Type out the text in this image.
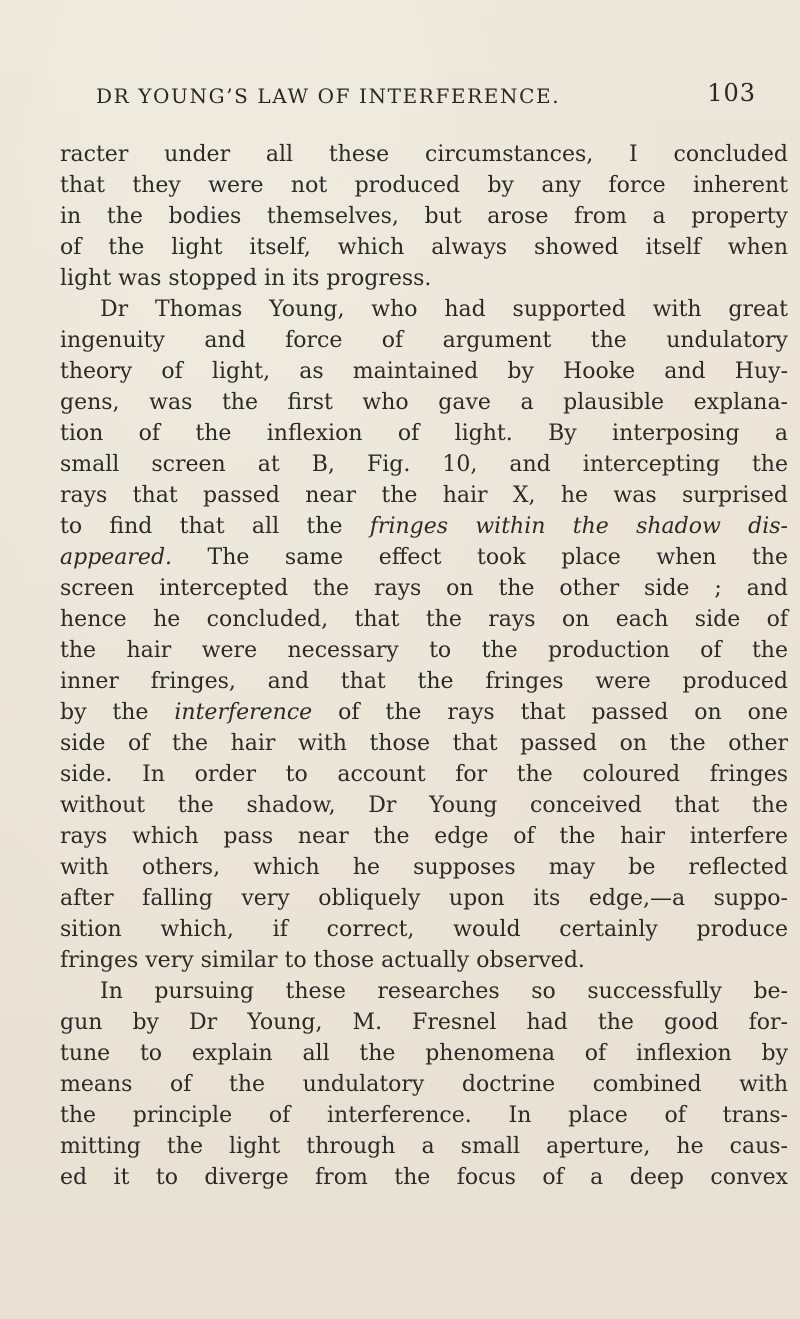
DR YOUNG’S LAW OF INTERFERENCE.	103
racter under all these circumstances, I concluded
that they were not produced by any force inherent
in the bodies themselves, but arose from a property
of the light itself, which always showed itself when
light was stopped in its progress.
Dr Thomas Young, who had supported with great
ingenuity and force of argument the undulatory
theory of light, as maintained by Hooke and Huy-
gens, was the first who gave a plausible explana-
tion of the inflexion of light. By interposing a
small screen at B, Fig. 10, and intercepting the
rays that passed near the hair X, he was surprised
to find that all the fringes within the shadow dis-
appeared. The same effect took place when the
screen intercepted the rays on the other side ; and
hence he concluded, that the rays on each side of
the hair were necessary to the production of the
inner fringes, and that the fringes were produced
by the interference of the rays that passed on one
side of the hair with those that passed on the other
side. In order to account for the coloured fringes
without the shadow, Dr Young conceived that the
rays which pass near the edge of the hair interfere
with others, which he supposes may be reflected
after falling very obliquely upon its edge,—a suppo-
sition which, if correct, would certainly produce
fringes very similar to those actually observed.
In pursuing these researches so successfully be-
gun by Dr Young, M. Fresnel had the good for-
tune to explain all the phenomena of inflexion by
means of the undulatory doctrine combined with
the principle of interference. In place of trans-
mitting the light through a small aperture, he caus-
ed it to diverge from the focus of a deep convex
